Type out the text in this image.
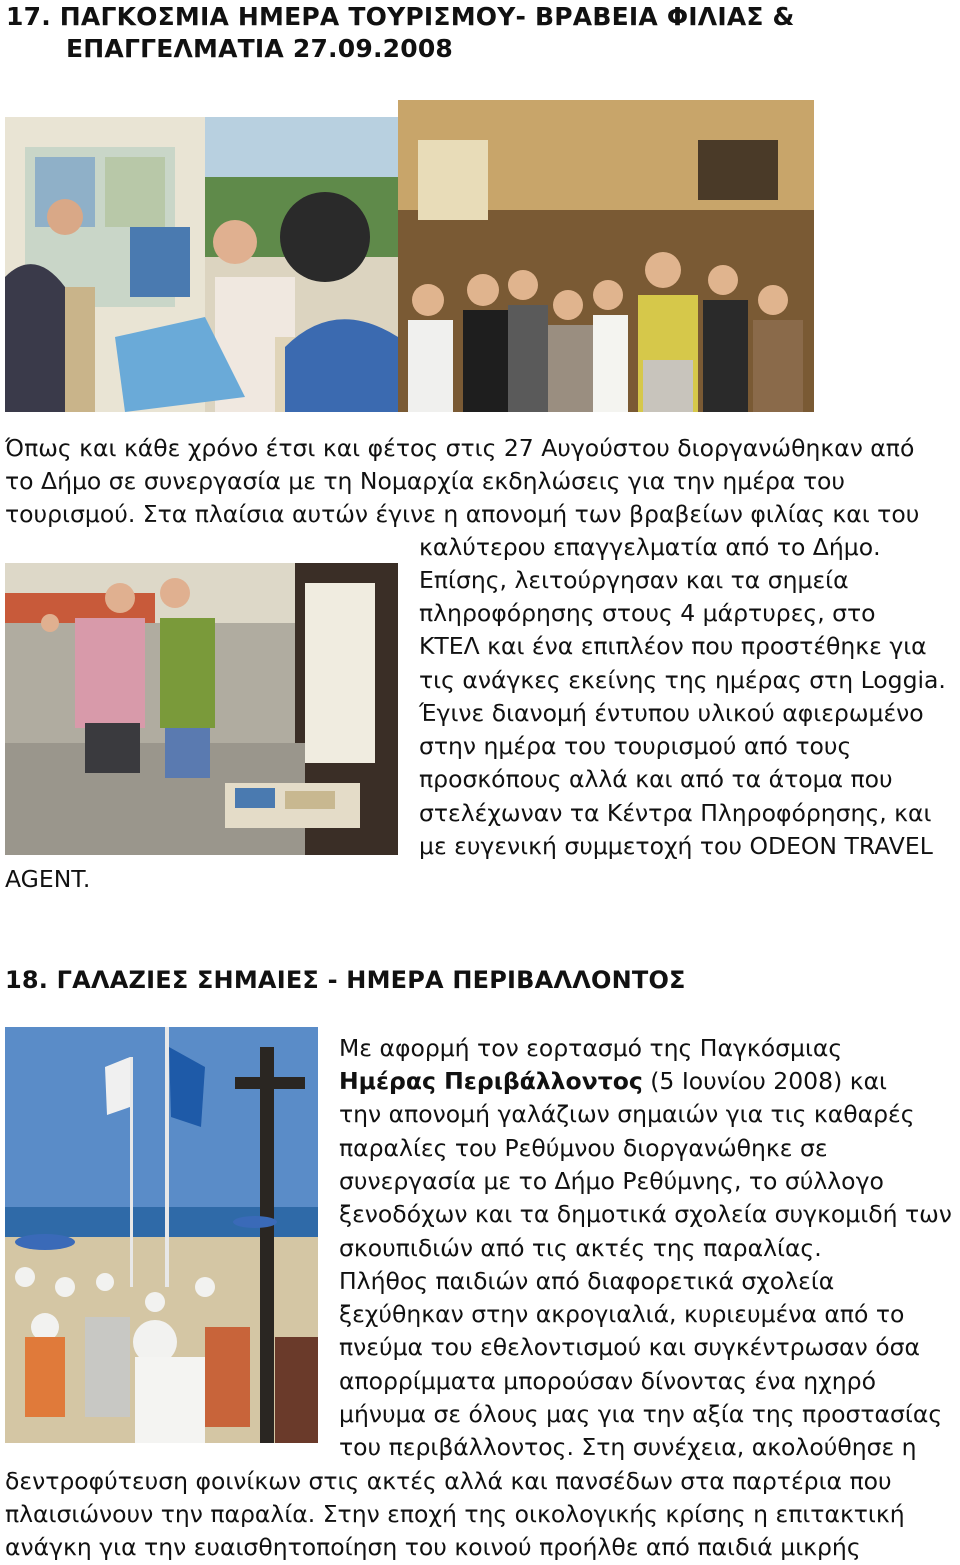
17. ΠΑΓΚΟΣΜΙΑ ΗΜΕΡΑ ΤΟΥΡΙΣΜΟΥ- ΒΡΑΒΕΙΑ ΦΙΛΙΑΣ &
ΕΠΑΓΓΕΛΜΑΤΙΑ 27.09.2008
Όπως και κάθε χρόνο έτσι και φέτος στις 27 Αυγούστου διοργανώθηκαν από
το Δήμο σε συνεργασία με τη Νομαρχία εκδηλώσεις για την ημέρα του
τουρισμού. Στα πλαίσια αυτών έγινε η απονομή των βραβείων φιλίας και του
καλύτερου επαγγελματία από το Δήμο.
Επίσης, λειτούργησαν και τα σημεία
πληροφόρησης στους 4 μάρτυρες, στο
ΚΤΕΛ και ένα επιπλέον που προστέθηκε για
τις ανάγκες εκείνης της ημέρας στη Loggia.
Έγινε διανομή έντυπου υλικού αφιερωμένο
στην ημέρα του τουρισμού από τους
προσκόπους αλλά και από τα άτομα που
στελέχωναν τα Κέντρα Πληροφόρησης, και
με ευγενική συμμετοχή του ODEON TRAVEL
AGENT.
18. ΓΑΛΑΖΙΕΣ ΣΗΜΑΙΕΣ - ΗΜΕΡΑ ΠΕΡΙΒΑΛΛΟΝΤΟΣ
Με αφορμή τον εορτασμό της Παγκόσμιας
Ημέρας Περιβάλλοντος (5 Ιουνίου 2008) και
την απονομή γαλάζιων σημαιών για τις καθαρές
παραλίες του Ρεθύμνου διοργανώθηκε σε
συνεργασία με το Δήμο Ρεθύμνης, το σύλλογο
ξενοδόχων και τα δημοτικά σχολεία συγκομιδή των
σκουπιδιών από τις ακτές της παραλίας.
Πλήθος παιδιών από διαφορετικά σχολεία
ξεχύθηκαν στην ακρογιαλιά, κυριευμένα από το
πνεύμα του εθελοντισμού και συγκέντρωσαν όσα
απορρίμματα μπορούσαν δίνοντας ένα ηχηρό
μήνυμα σε όλους μας για την αξία της προστασίας
του περιβάλλοντος. Στη συνέχεια, ακολούθησε η
δεντροφύτευση φοινίκων στις ακτές αλλά και πανσέδων στα παρτέρια που
πλαισιώνουν την παραλία. Στην εποχή της οικολογικής κρίσης η επιτακτική
ανάγκη για την ευαισθητοποίηση του κοινού προήλθε από παιδιά μικρής
